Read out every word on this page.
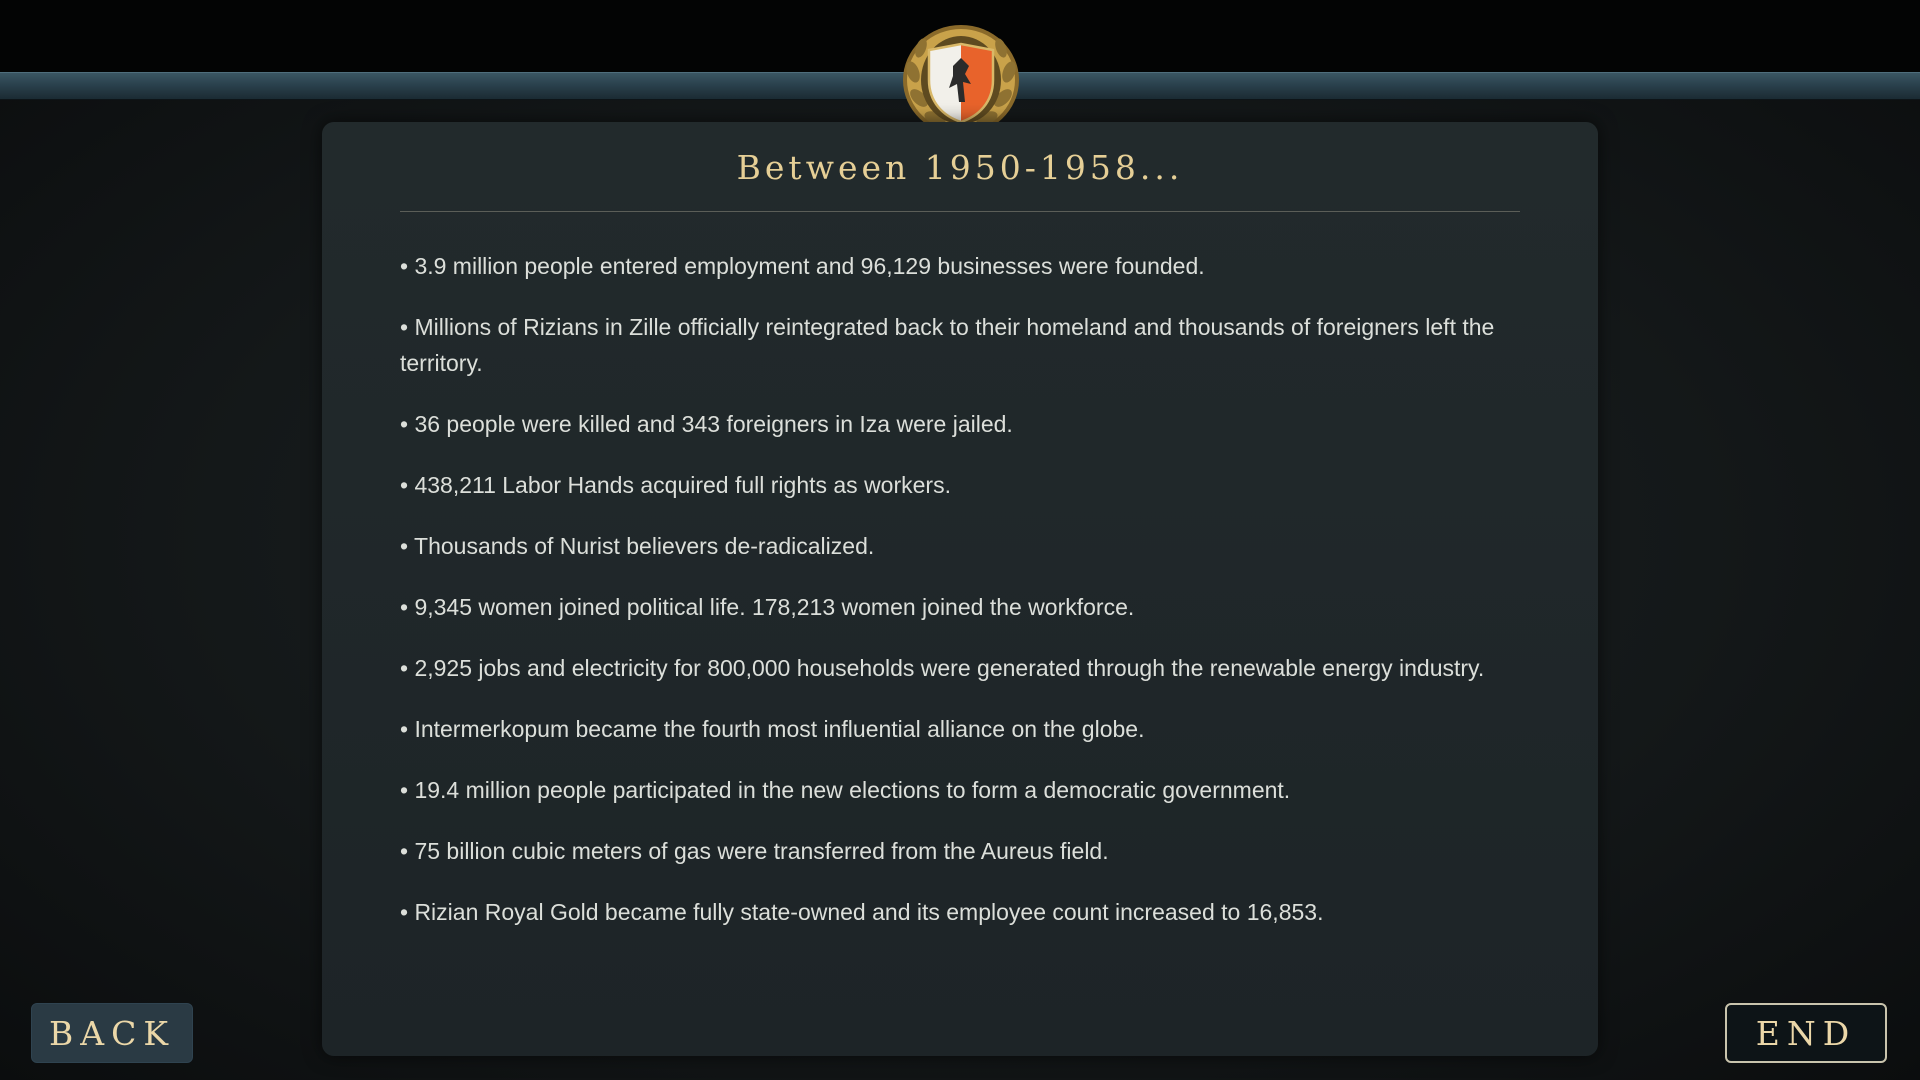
Between 1950-1958...
• 3.9 million people entered employment and 96,129 businesses were founded.
• Millions of Rizians in Zille officially reintegrated back to their homeland and thousands of foreigners left the territory.
• 36 people were killed and 343 foreigners in Iza were jailed.
• 438,211 Labor Hands acquired full rights as workers.
• Thousands of Nurist believers de-radicalized.
• 9,345 women joined political life. 178,213 women joined the workforce.
• 2,925 jobs and electricity for 800,000 households were generated through the renewable energy industry.
• Intermerkopum became the fourth most influential alliance on the globe.
• 19.4 million people participated in the new elections to form a democratic government.
• 75 billion cubic meters of gas were transferred from the Aureus field.
• Rizian Royal Gold became fully state-owned and its employee count increased to 16,853.
BACK	END
